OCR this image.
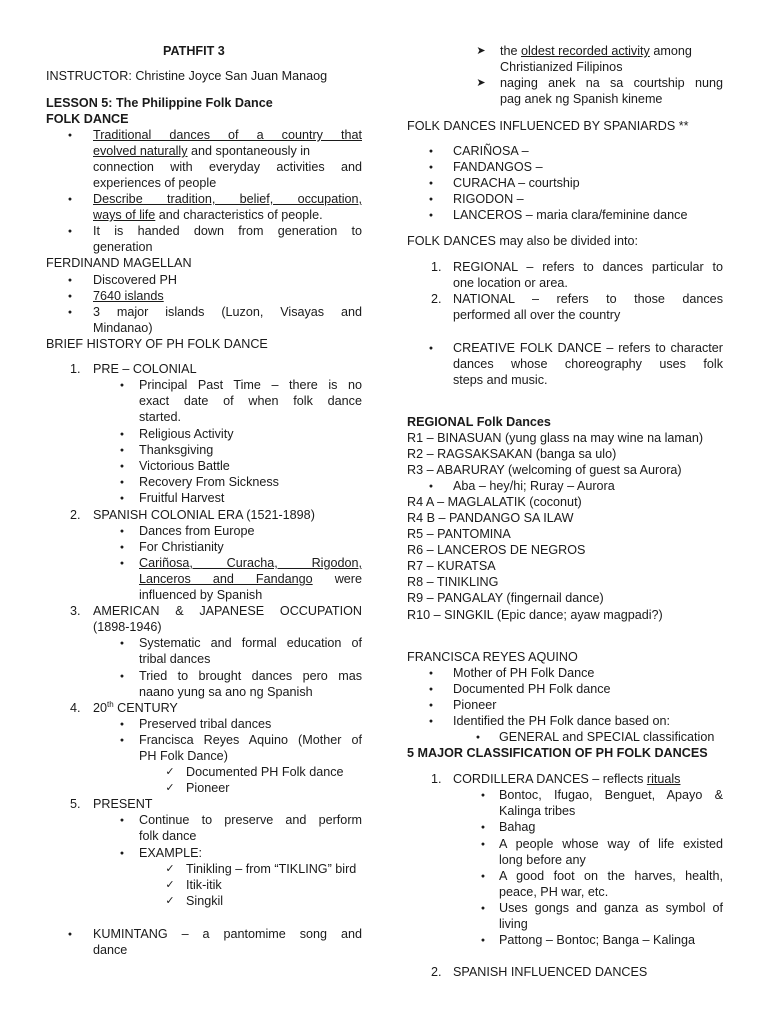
PATHFIT 3
INSTRUCTOR: Christine Joyce San Juan Manaog
LESSON 5: The Philippine Folk Dance
FOLK DANCE
●
Traditional dances of a country that
evolved naturally and spontaneously in
connection with everyday activities and
experiences of people
●
Describe tradition, belief, occupation,
ways of life and characteristics of people.
●
It is handed down from generation to
generation
FERDINAND MAGELLAN
●
Discovered PH
●
7640 islands
●
3 major islands (Luzon, Visayas and
Mindanao)
BRIEF HISTORY OF PH FOLK DANCE
1. PRE – COLONIAL
●
Principal Past Time – there is no
exact date of when folk dance
started.
●
Religious Activity
●
Thanksgiving
●
Victorious Battle
●
Recovery From Sickness
●
Fruitful Harvest
2. SPANISH COLONIAL ERA (1521-1898)
●
Dances from Europe
●
For Christianity
●
Cariñosa, Curacha, Rigodon,
Lanceros and Fandango were
influenced by Spanish
3. AMERICAN & JAPANESE OCCUPATION
(1898-1946)
●
Systematic and formal education of
tribal dances
●
Tried to brought dances pero mas
naano yung sa ano ng Spanish
4. 20th CENTURY
●
Preserved tribal dances
●
Francisca Reyes Aquino (Mother of
PH Folk Dance)
✓ Documented PH Folk dance
✓ Pioneer
5. PRESENT
●
Continue to preserve and perform
folk dance
●
EXAMPLE:
✓ Tinikling – from “TIKLING” bird
✓ Itik-itik
✓ Singkil
●
KUMINTANG – a pantomime song and
dance
➤ the oldest recorded activity among
Christianized Filipinos
➤ naging anek na sa courtship nung
pag anek ng Spanish kineme
FOLK DANCES INFLUENCED BY SPANIARDS **
●
CARIÑOSA –
●
FANDANGOS –
●
CURACHA – courtship
●
RIGODON –
●
LANCEROS – maria clara/feminine dance
FOLK DANCES may also be divided into:
1. REGIONAL – refers to dances particular to
one location or area.
2. NATIONAL – refers to those dances
performed all over the country
●
CREATIVE FOLK DANCE – refers to character
dances whose choreography uses folk
steps and music.
REGIONAL Folk Dances
R1 – BINASUAN (yung glass na may wine na laman)
R2 – RAGSAKSAKAN (banga sa ulo)
R3 – ABARURAY (welcoming of guest sa Aurora)
●
Aba – hey/hi; Ruray – Aurora
R4 A – MAGLALATIK (coconut)
R4 B – PANDANGO SA ILAW
R5 – PANTOMINA
R6 – LANCEROS DE NEGROS
R7 – KURATSA
R8 – TINIKLING
R9 – PANGALAY (fingernail dance)
R10 – SINGKIL (Epic dance; ayaw magpadi?)
FRANCISCA REYES AQUINO
●
Mother of PH Folk Dance
●
Documented PH Folk dance
●
Pioneer
●
Identified the PH Folk dance based on:
●
GENERAL and SPECIAL classification
5 MAJOR CLASSIFICATION OF PH FOLK DANCES
1. CORDILLERA DANCES – reflects rituals
●
Bontoc, Ifugao, Benguet, Apayo &
Kalinga tribes
●
Bahag
●
A people whose way of life existed
long before any
●
A good foot on the harves, health,
peace, PH war, etc.
●
Uses gongs and ganza as symbol of
living
●
Pattong – Bontoc; Banga – Kalinga
2. SPANISH INFLUENCED DANCES
